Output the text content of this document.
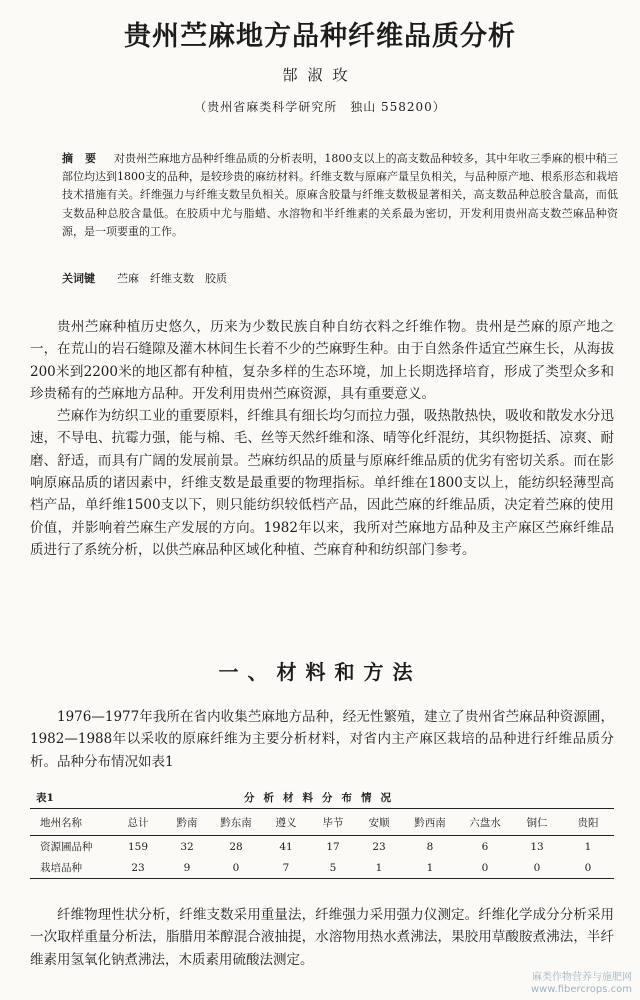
贵州苎麻地方品种纤维品质分析
郜淑玫
（贵州省麻类科学研究所　独山 558200）
摘 要 对贵州苎麻地方品种纤维品质的分析表明，1800支以上的高支数品种较多，其中年收三季麻的根中稍三部位均达到1800支的品种，是较珍贵的麻纺材料。纤维支数与原麻产量呈负相关，与品种原产地、根系形态和栽培技术措施有关。纤维强力与纤维支数呈负相关。原麻含胶量与纤维支数极显著相关，高支数品种总胶含量高，而低支数品种总胶含量低。在胶质中尤与脂蜡、水溶物和半纤维素的关系最为密切，开发利用贵州高支数苎麻品种资源，是一项要重的工作。
关词键 苎麻　纤维支数　胶质

贵州苎麻种植历史悠久，历来为少数民族自种自纺衣料之纤维作物。贵州是苎麻的原产地之一，在荒山的岩石缝隙及灌木林间生长着不少的苎麻野生种。由于自然条件适宜苎麻生长，从海拔200米到2200米的地区都有种植，复杂多样的生态环境，加上长期选择培育，形成了类型众多和珍贵稀有的苎麻地方品种。开发利用贵州苎麻资源，具有重要意义。

苎麻作为纺织工业的重要原料，纤维具有细长均匀而拉力强，吸热散热快，吸收和散发水分迅速，不导电、抗霉力强，能与棉、毛、丝等天然纤维和涤、晴等化纤混纺，其织物挺括、凉爽、耐磨、舒适，而具有广阔的发展前景。苎麻纺织品的质量与原麻纤维品质的优劣有密切关系。而在影响原麻品质的诸因素中，纤维支数是最重要的物理指标。单纤维在1800支以上，能纺织轻薄型高档产品，单纤维1500支以下，则只能纺织较低档产品，因此苎麻的纤维品质，决定着苎麻的使用价值，并影响着苎麻生产发展的方向。1982年以来，我所对苎麻地方品种及主产麻区苎麻纤维品质进行了系统分析，以供苎麻品种区域化种植、苎麻育种和纺织部门参考。

一、材料和方法

1976—1977年我所在省内收集苎麻地方品种，经无性繁殖，建立了贵州省苎麻品种资源圃，1982—1988年以采收的原麻纤维为主要分析材料，对省内主产麻区栽培的品种进行纤维品质分析。品种分布情况如表1

分析材料分布情况
表1
地州名称	总计	黔南	黔东南	遵义	毕节	安顺	黔西南	六盘水	铜仁	贵阳
资源圃品种	159	32	28	41	17	23	8	6	13	1
栽培品种	23	9	0	7	5	1	1	0	0	0

纤维物理性状分析，纤维支数采用重量法，纤维强力采用强力仪测定。纤维化学成分分析采用一次取样重量分析法，脂腊用苯醇混合液抽提，水溶物用热水煮沸法，果胶用草酸胺煮沸法，半纤维素用氢氧化钠煮沸法，木质素用硫酸法测定。

麻类作物营养与施肥网
www.fibercrops.com
